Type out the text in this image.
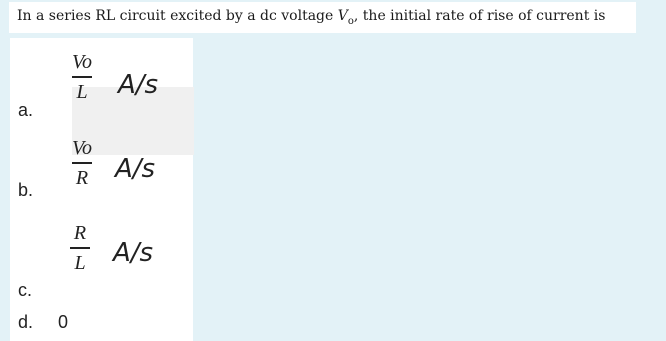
In a series RL circuit excited by a dc voltage $V_o$, the initial rate of rise of current is
a.
Vo
L A/s
b.
Vo
R A/s
c.
R
L A/s
d. 0
